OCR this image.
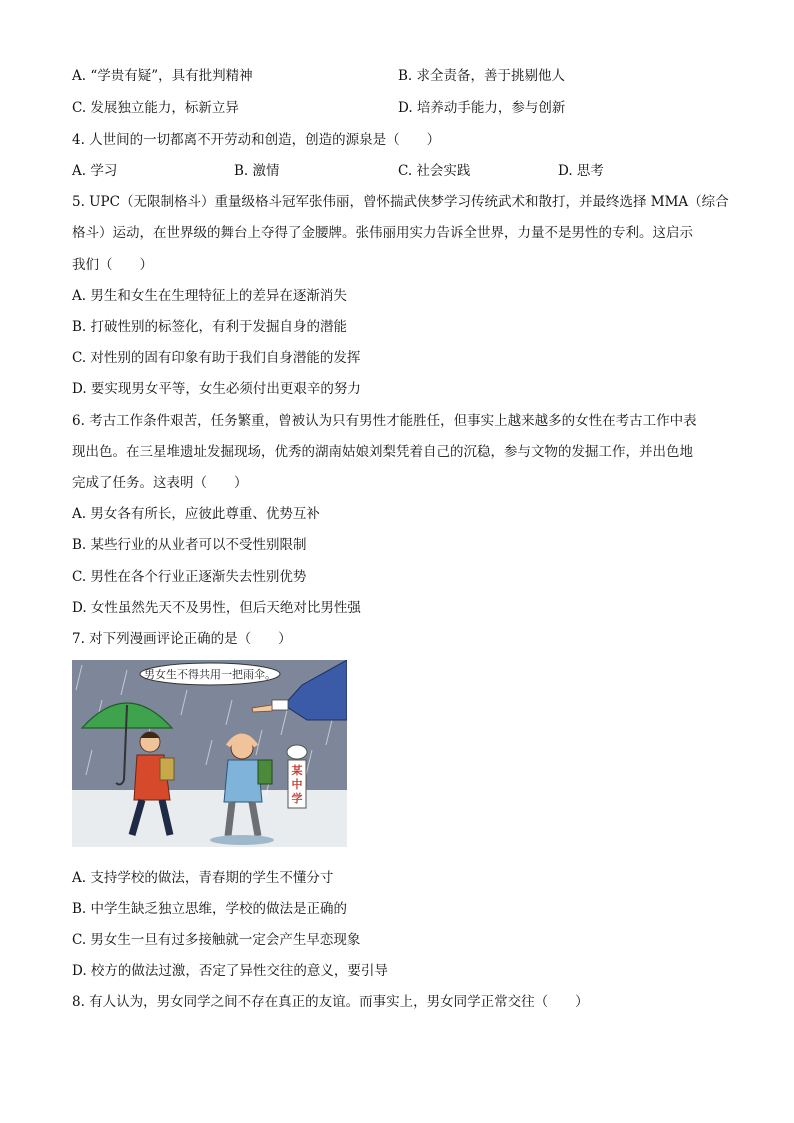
A. “学贵有疑”，具有批判精神	B. 求全责备，善于挑剔他人
C. 发展独立能力，标新立异	D. 培养动手能力，参与创新
4. 人世间的一切都离不开劳动和创造，创造的源泉是（　　）
A. 学习	B. 激情	C. 社会实践	D. 思考
5. UPC（无限制格斗）重量级格斗冠军张伟丽，曾怀揣武侠梦学习传统武术和散打，并最终选择 MMA（综合
格斗）运动，在世界级的舞台上夺得了金腰牌。张伟丽用实力告诉全世界，力量不是男性的专利。这启示
我们（　　）
A. 男生和女生在生理特征上的差异在逐渐消失
B. 打破性别的标签化，有利于发掘自身的潜能
C. 对性别的固有印象有助于我们自身潜能的发挥
D. 要实现男女平等，女生必须付出更艰辛的努力
6. 考古工作条件艰苦，任务繁重，曾被认为只有男性才能胜任，但事实上越来越多的女性在考古工作中表
现出色。在三星堆遗址发掘现场，优秀的湖南姑娘刘梨凭着自己的沉稳，参与文物的发掘工作，并出色地
完成了任务。这表明（　　）
A. 男女各有所长，应彼此尊重、优势互补
B. 某些行业的从业者可以不受性别限制
C. 男性在各个行业正逐渐失去性别优势
D. 女性虽然先天不及男性，但后天绝对比男性强
7. 对下列漫画评论正确的是（　　）
男女生不得共用一把雨伞。
某
中
学
A. 支持学校的做法，青春期的学生不懂分寸
B. 中学生缺乏独立思维，学校的做法是正确的
C. 男女生一旦有过多接触就一定会产生早恋现象
D. 校方的做法过激，否定了异性交往的意义，要引导
8. 有人认为，男女同学之间不存在真正的友谊。而事实上，男女同学正常交往（　　）
